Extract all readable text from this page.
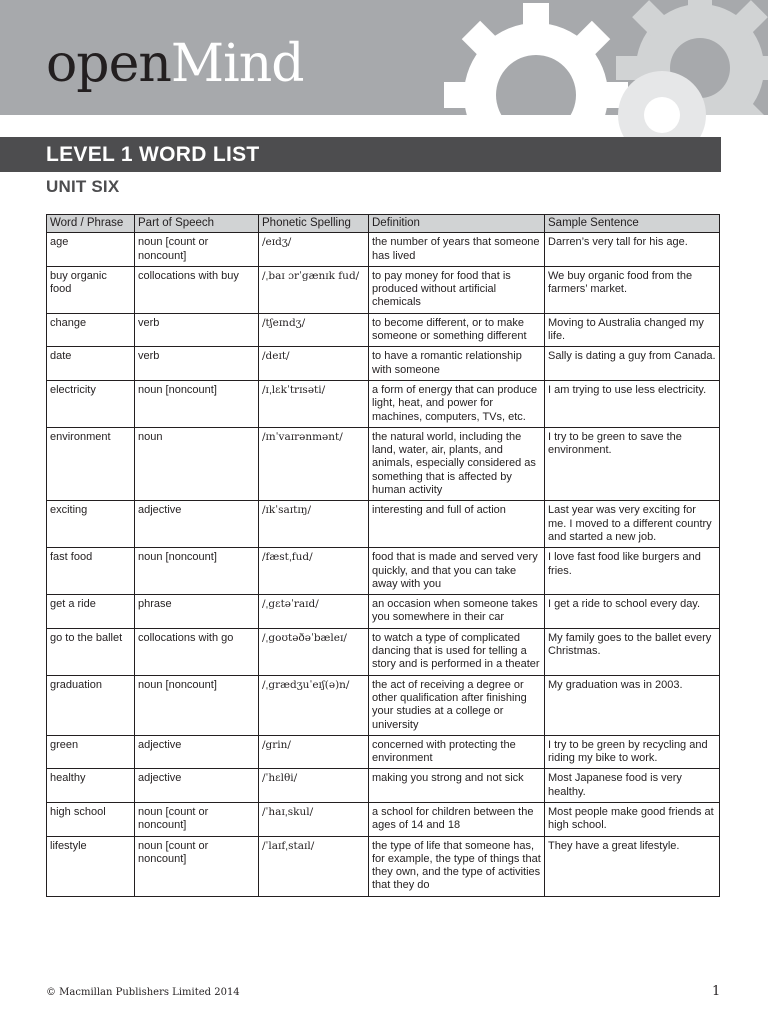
openMind
LEVEL 1 WORD LIST
UNIT SIX
Word / Phrase	Part of Speech	Phonetic Spelling	Definition	Sample Sentence
age	noun [count or noncount]	/eɪdʒ/	the number of years that someone has lived	Darren’s very tall for his age.
buy organic food	collocations with buy	/ˌbaɪ ɔrˈgænɪk fud/	to pay money for food that is produced without artificial chemicals	We buy organic food from the farmers’ market.
change	verb	/tʃeɪndʒ/	to become different, or to make someone or something different	Moving to Australia changed my life.
date	verb	/deɪt/	to have a romantic relationship with someone	Sally is dating a guy from Canada.
electricity	noun [noncount]	/ɪˌlɛkˈtrɪsəti/	a form of energy that can produce light, heat, and power for machines, computers, TVs, etc.	I am trying to use less electricity.
environment	noun	/ɪnˈvaɪrənmənt/	the natural world, including the land, water, air, plants, and animals, especially considered as something that is affected by human activity	I try to be green to save the environment.
exciting	adjective	/ɪkˈsaɪtɪŋ/	interesting and full of action	Last year was very exciting for me. I moved to a different country and started a new job.
fast food	noun [noncount]	/fæstˌfud/	food that is made and served very quickly, and that you can take away with you	I love fast food like burgers and fries.
get a ride	phrase	/ˌgɛtəˈraɪd/	an occasion when someone takes you somewhere in their car	I get a ride to school every day.
go to the ballet	collocations with go	/ˌgoʊtəðəˈbæleɪ/	to watch a type of complicated dancing that is used for telling a story and is performed in a theater	My family goes to the ballet every Christmas.
graduation	noun [noncount]	/ˌgrædʒuˈeɪʃ(ə)n/	the act of receiving a degree or other qualification after finishing your studies at a college or university	My graduation was in 2003.
green	adjective	/grin/	concerned with protecting the environment	I try to be green by recycling and riding my bike to work.
healthy	adjective	/ˈhɛlθi/	making you strong and not sick	Most Japanese food is very healthy.
high school	noun [count or noncount]	/ˈhaɪˌskul/	a school for children between the ages of 14 and 18	Most people make good friends at high school.
lifestyle	noun [count or noncount]	/ˈlaɪfˌstaɪl/	the type of life that someone has, for example, the type of things that they own, and the type of activities that they do	They have a great lifestyle.
© Macmillan Publishers Limited 2014	1
